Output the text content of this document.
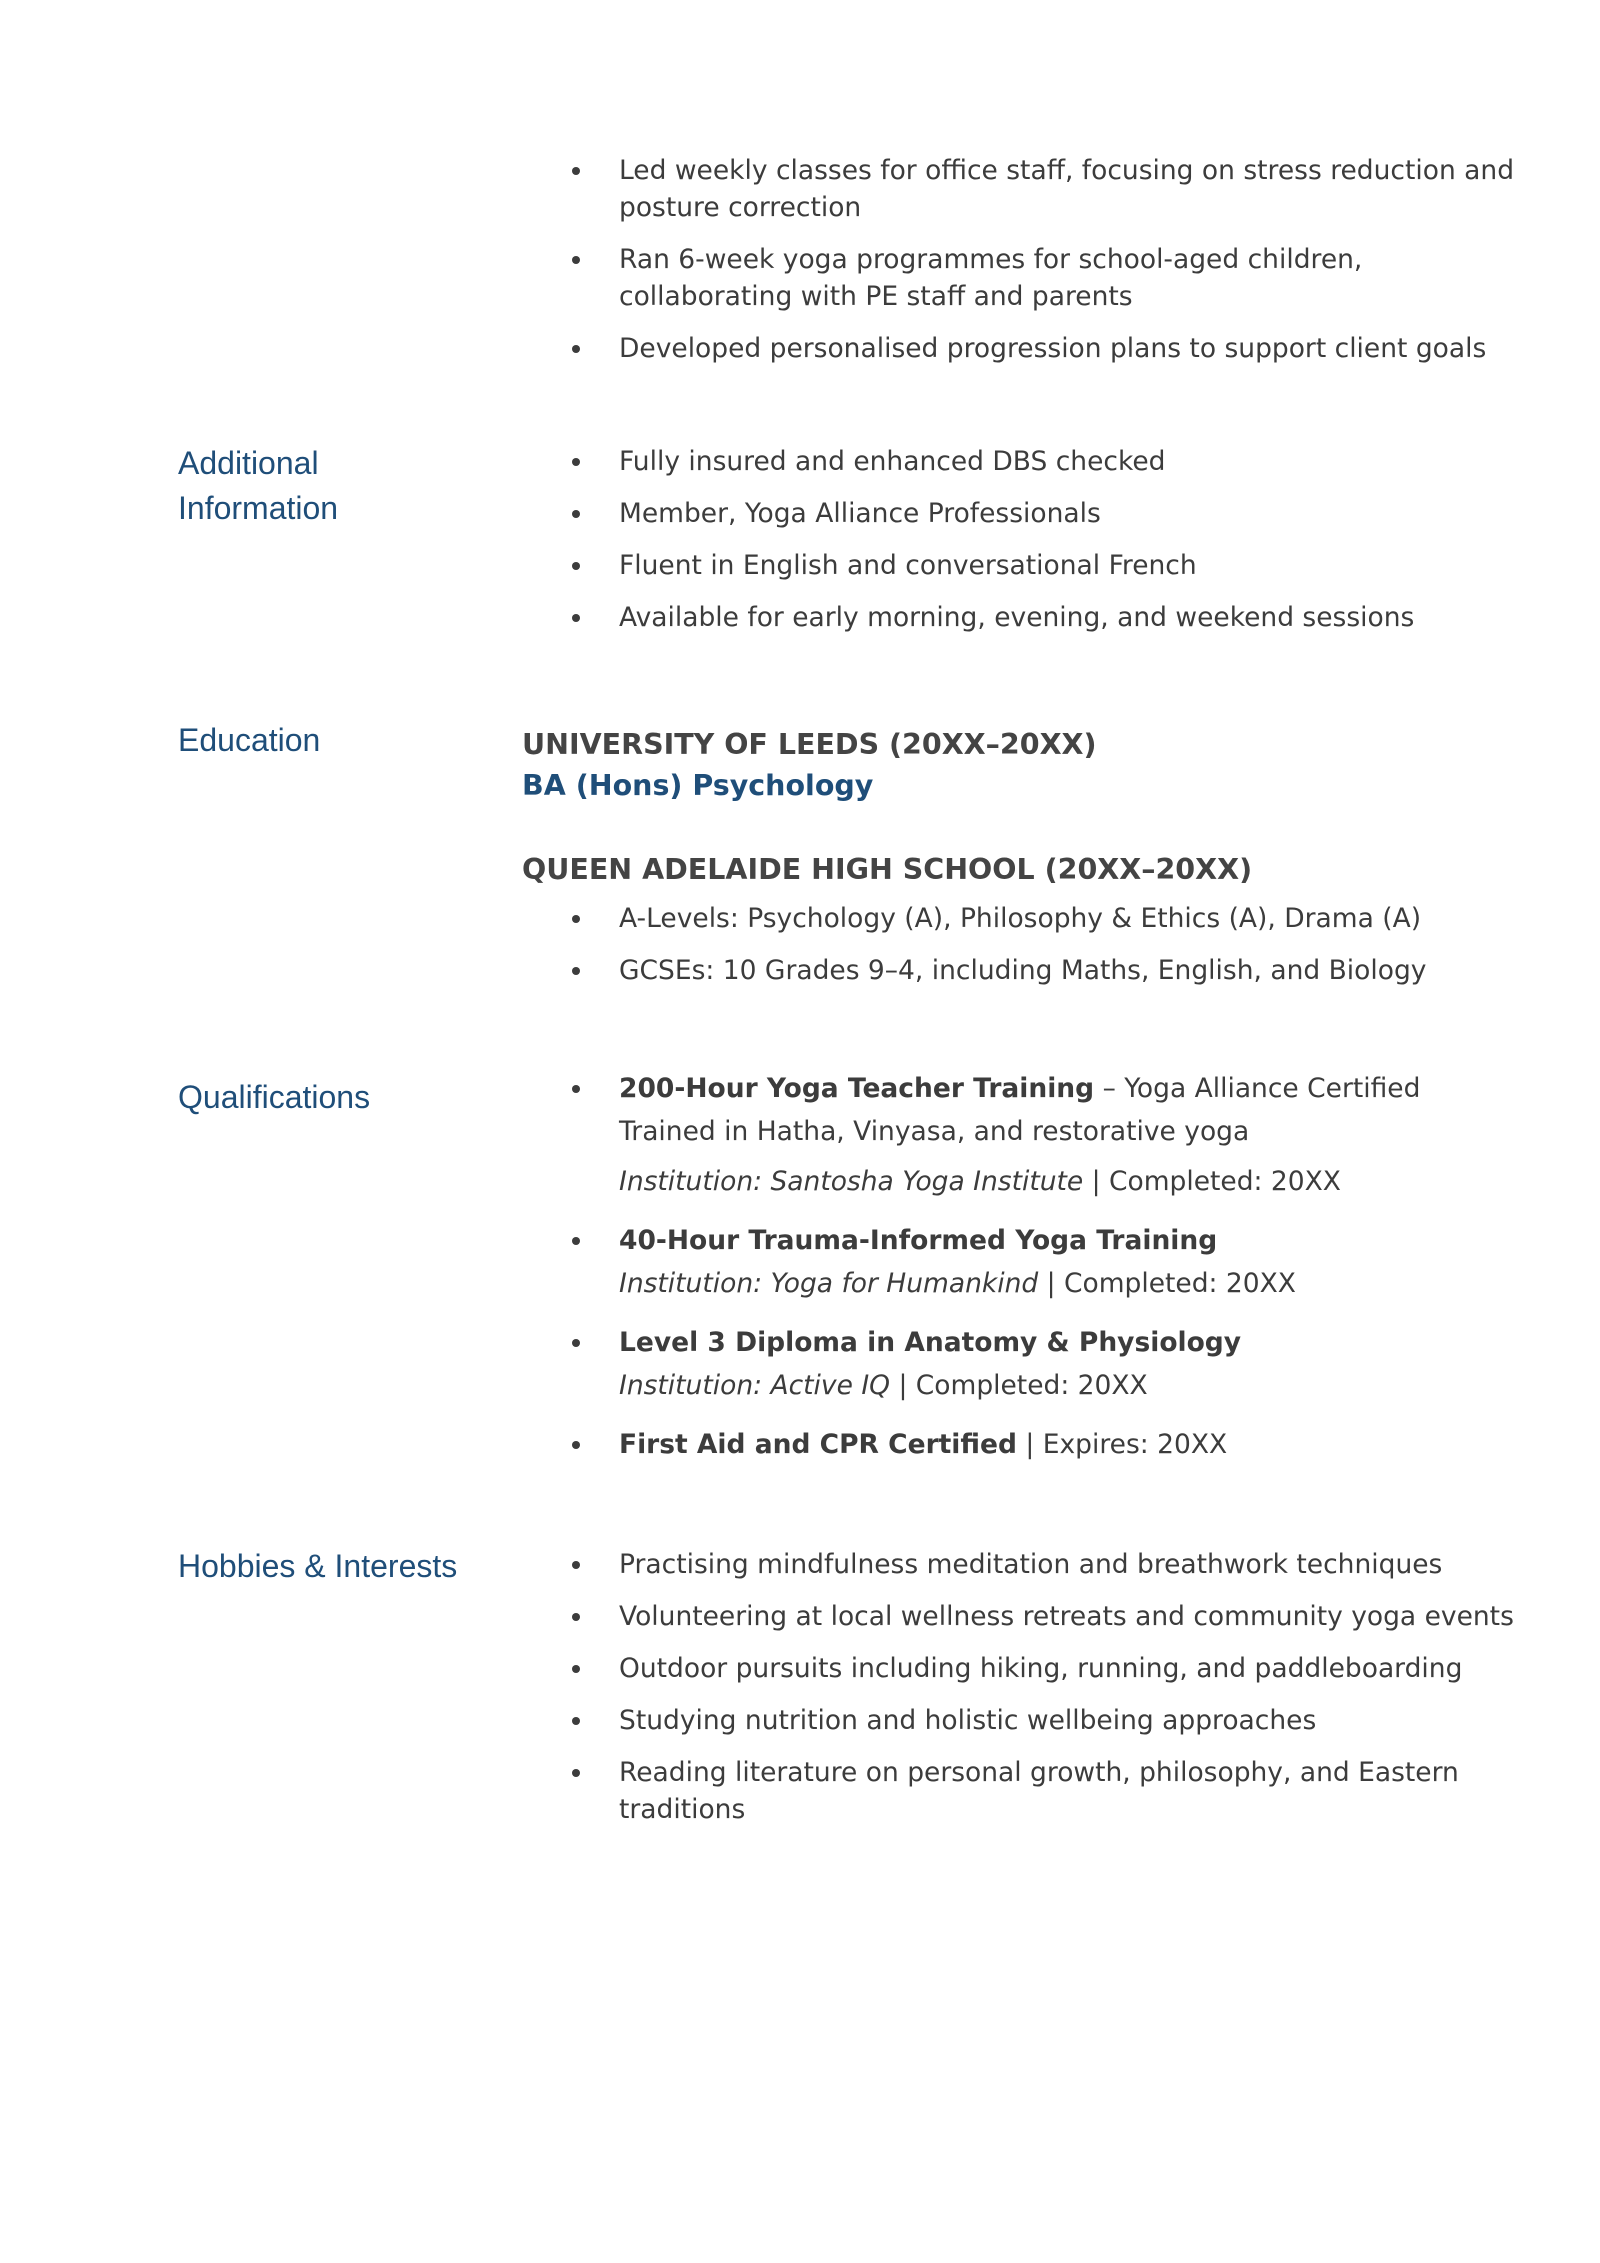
Led weekly classes for office staff, focusing on stress reduction and posture correction
Ran 6-week yoga programmes for school-aged children, collaborating with PE staff and parents
Developed personalised progression plans to support client goals
Additional Information
Fully insured and enhanced DBS checked
Member, Yoga Alliance Professionals
Fluent in English and conversational French
Available for early morning, evening, and weekend sessions
Education	UNIVERSITY OF LEEDS (20XX–20XX)

BA (Hons) Psychology

QUEEN ADELAIDE HIGH SCHOOL (20XX–20XX)

A-Levels: Psychology (A), Philosophy & Ethics (A), Drama (A)
GCSEs: 10 Grades 9–4, including Maths, English, and Biology
Qualifications	200-Hour Yoga Teacher Training – Yoga Alliance Certified
Trained in Hatha, Vinyasa, and restorative yoga
Institution: Santosha Yoga Institute | Completed: 20XX
40-Hour Trauma-Informed Yoga Training
Institution: Yoga for Humankind | Completed: 20XX
Level 3 Diploma in Anatomy & Physiology
Institution: Active IQ | Completed: 20XX
First Aid and CPR Certified | Expires: 20XX
Hobbies & Interests	Practising mindfulness meditation and breathwork techniques
Volunteering at local wellness retreats and community yoga events
Outdoor pursuits including hiking, running, and paddleboarding
Studying nutrition and holistic wellbeing approaches
Reading literature on personal growth, philosophy, and Eastern traditions
